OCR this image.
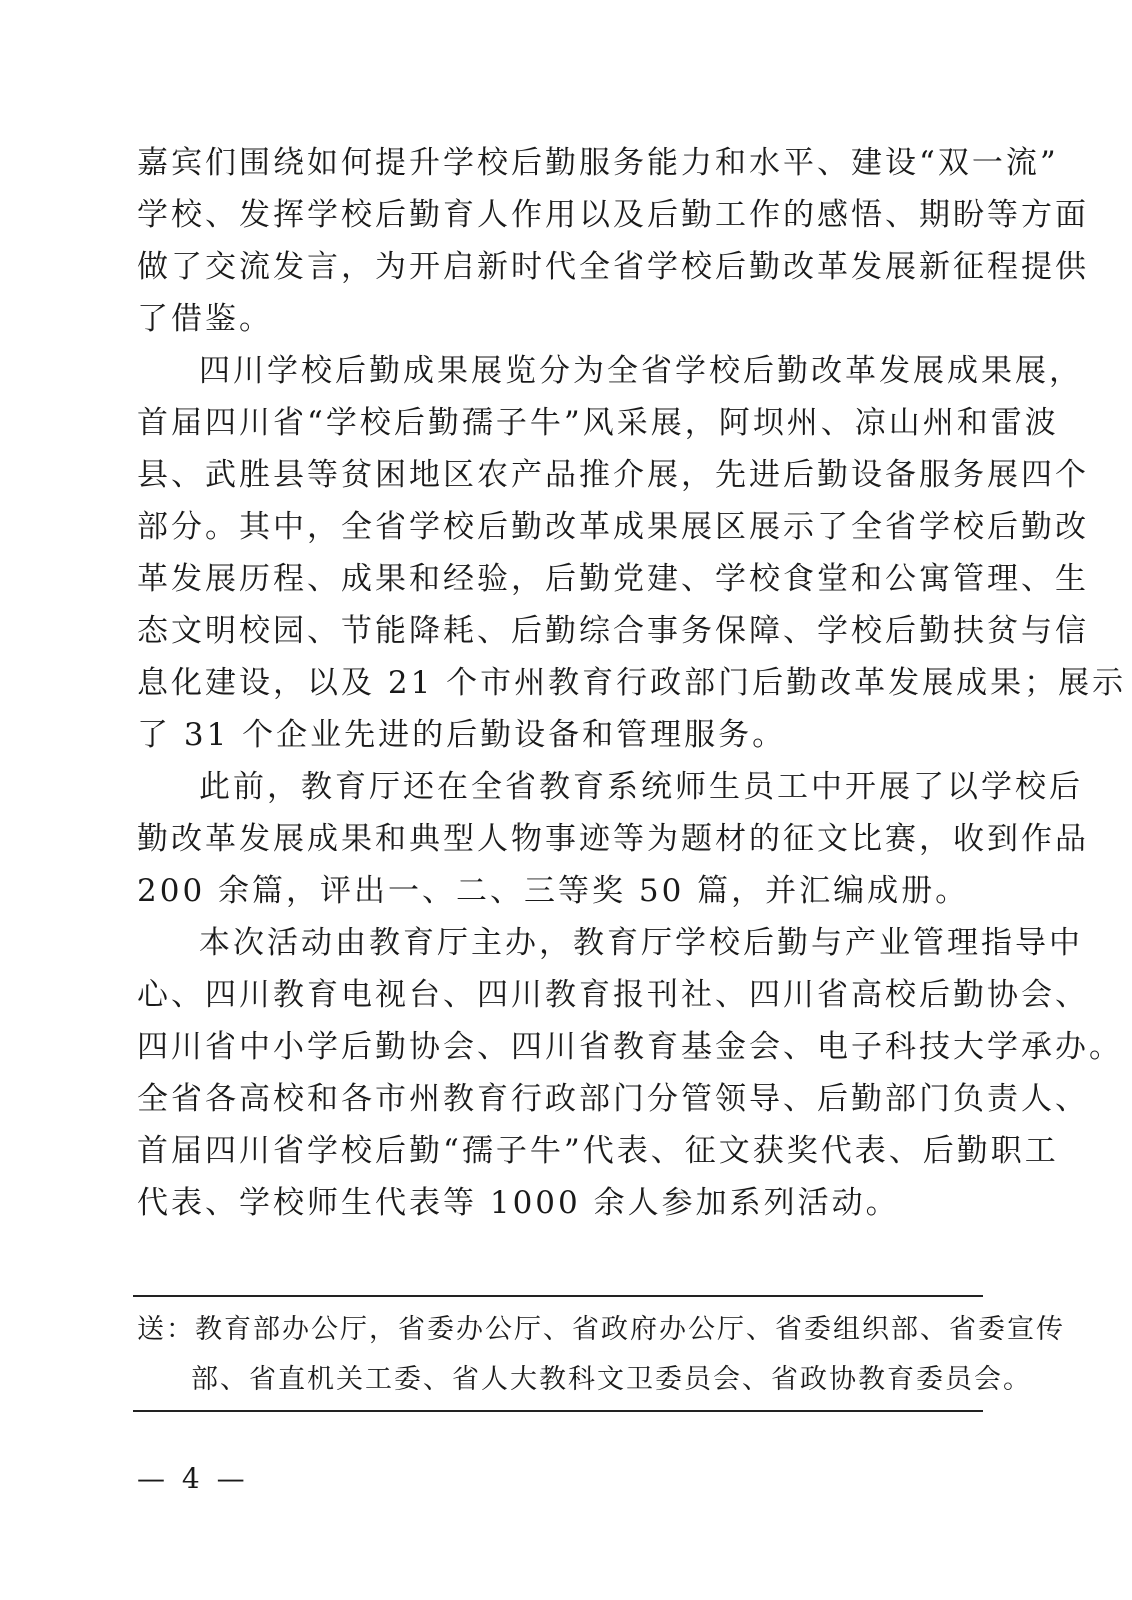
嘉宾们围绕如何提升学校后勤服务能力和水平、建设“双一流”
学校、发挥学校后勤育人作用以及后勤工作的感悟、期盼等方面
做了交流发言，为开启新时代全省学校后勤改革发展新征程提供
了借鉴。
四川学校后勤成果展览分为全省学校后勤改革发展成果展，
首届四川省“学校后勤孺子牛”风采展，阿坝州、凉山州和雷波
县、武胜县等贫困地区农产品推介展，先进后勤设备服务展四个
部分。其中，全省学校后勤改革成果展区展示了全省学校后勤改
革发展历程、成果和经验，后勤党建、学校食堂和公寓管理、生
态文明校园、节能降耗、后勤综合事务保障、学校后勤扶贫与信
息化建设，以及 21 个市州教育行政部门后勤改革发展成果；展示
了 31 个企业先进的后勤设备和管理服务。
此前，教育厅还在全省教育系统师生员工中开展了以学校后
勤改革发展成果和典型人物事迹等为题材的征文比赛，收到作品
200 余篇，评出一、二、三等奖 50 篇，并汇编成册。
本次活动由教育厅主办，教育厅学校后勤与产业管理指导中
心、四川教育电视台、四川教育报刊社、四川省高校后勤协会、
四川省中小学后勤协会、四川省教育基金会、电子科技大学承办。
全省各高校和各市州教育行政部门分管领导、后勤部门负责人、
首届四川省学校后勤“孺子牛”代表、征文获奖代表、后勤职工
代表、学校师生代表等 1000 余人参加系列活动。
送：教育部办公厅，省委办公厅、省政府办公厅、省委组织部、省委宣传
部、省直机关工委、省人大教科文卫委员会、省政协教育委员会。
— 4 —
